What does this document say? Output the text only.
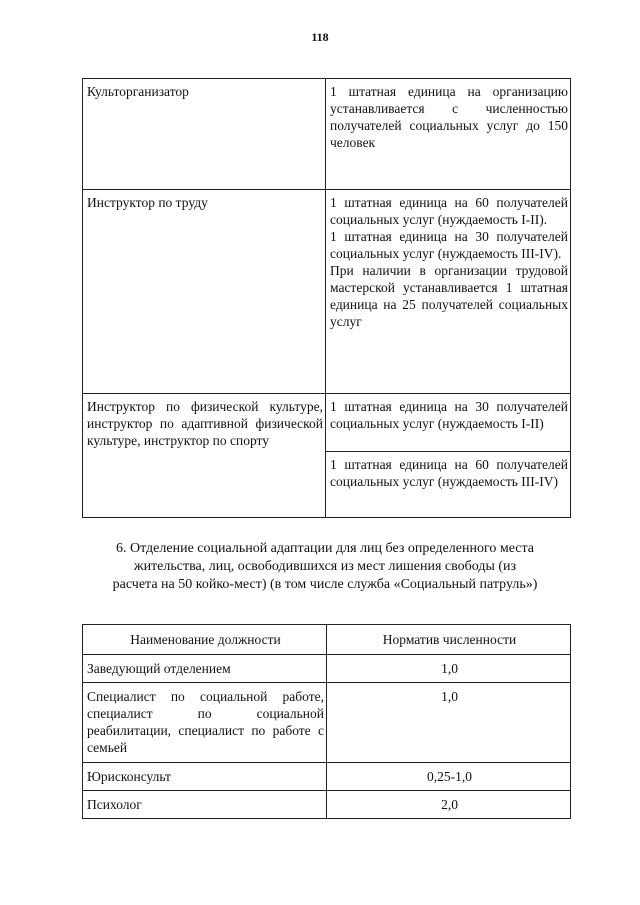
118
Культорганизатор	1 штатная единица на организацию устанавливается с численностью получателей социальных услуг до 150 человек
Инструктор по труду	1 штатная единица на 60 получателей социальных услуг (нуждаемость I-II).
1 штатная единица на 30 получателей социальных услуг (нуждаемость III-IV).
При наличии в организации трудовой мастерской устанавливается 1 штатная единица на 25 получателей социальных услуг

Инструктор по физической культуре, инструктор по адаптивной физической культуре, инструктор по спорту	1 штатная единица на 30 получателей социальных услуг (нуждаемость I-II)
	1 штатная единица на 60 получателей социальных услуг (нуждаемость III-IV)
6. Отделение социальной адаптации для лиц без определенного места жительства, лиц, освободившихся из мест лишения свободы (из расчета на 50 койко-мест) (в том числе служба «Социальный патруль»)
Наименование должности	Норматив численности
Заведующий отделением	1,0
Специалист по социальной работе, специалист по социальной реабилитации, специалист по работе с семьей	1,0
Юрисконсульт	0,25-1,0
Психолог	2,0
